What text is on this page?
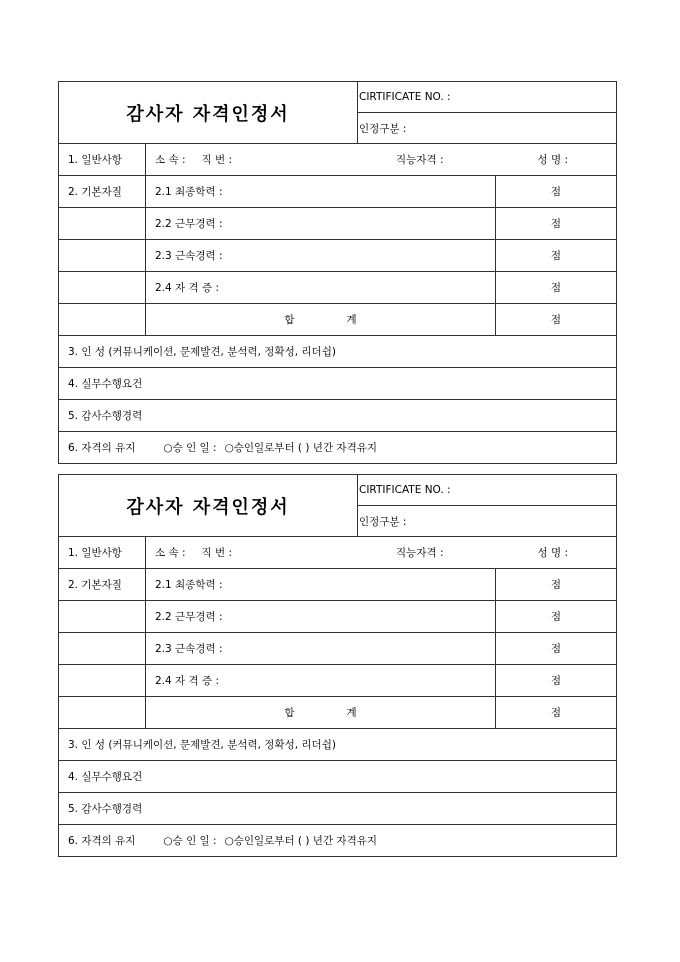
감사자 자격인정서		CIRTIFICATE NO. :	
		인정구분 :	
1. 일반사항	소 속 : 직 번 : 직능자격 : 성 명 :		

2. 기본자질	2.1 최종학력 :		점
	2.2 근무경력 :		점
	2.3 근속경력 :		점
	2.4 자 격 증 :		점
	합 계		점
3. 인 성 (커뮤니케이션, 문제발견, 분석력, 정확성, 리더쉽)			
4. 실무수행요건			
5. 감사수행경력			
6. 자격의 유지 ○승 인 일 : ○승인일로부터 ( ) 년간 자격유지			
감사자 자격인정서		CIRTIFICATE NO. :	
		인정구분 :	
1. 일반사항	소 속 : 직 번 : 직능자격 : 성 명 :		

2. 기본자질	2.1 최종학력 :		점
	2.2 근무경력 :		점
	2.3 근속경력 :		점
	2.4 자 격 증 :		점
	합 계		점
3. 인 성 (커뮤니케이션, 문제발견, 분석력, 정확성, 리더쉽)			
4. 실무수행요건			
5. 감사수행경력			
6. 자격의 유지 ○승 인 일 : ○승인일로부터 ( ) 년간 자격유지			
